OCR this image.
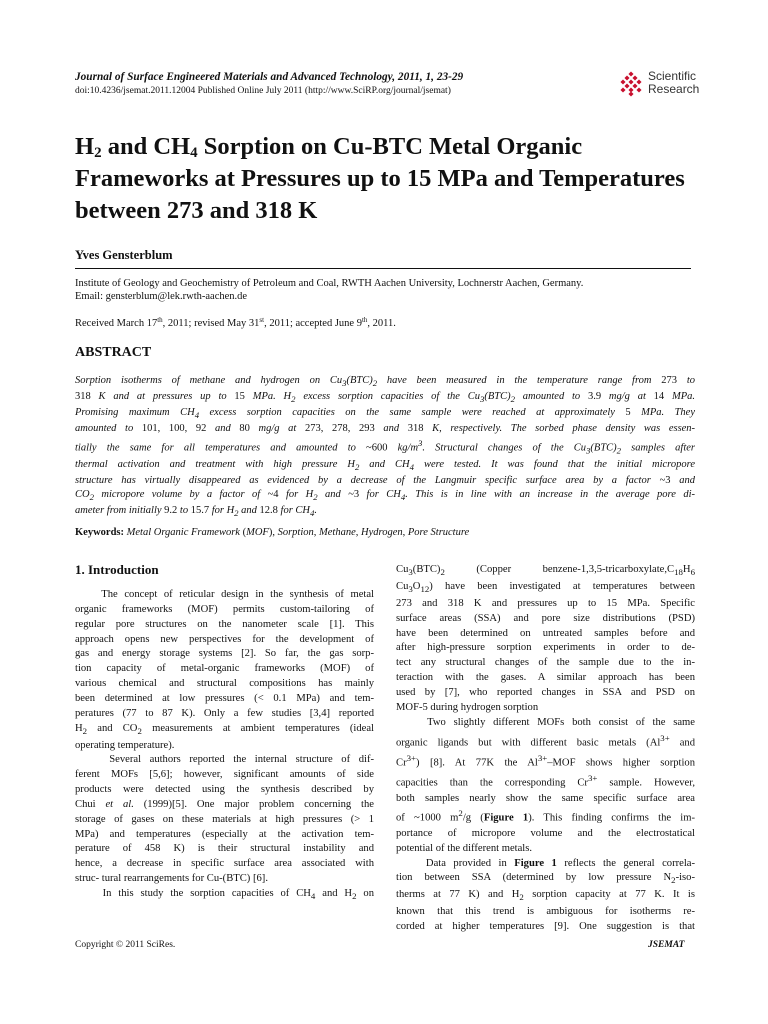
Journal of Surface Engineered Materials and Advanced Technology, 2011, 1, 23-29
doi:10.4236/jsemat.2011.12004 Published Online July 2011 (http://www.SciRP.org/journal/jsemat)
Scientific
Research
$H_2$ and $CH_4$ Sorption on Cu-BTC Metal Organic Frameworks at Pressures up to 15 MPa and Temperatures between 273 and 318 K
Yves Gensterblum
Institute of Geology and Geochemistry of Petroleum and Coal, RWTH Aachen University, Lochnerstr Aachen, Germany.
Email: gensterblum@lek.rwth-aachen.de
Received March 17th, 2011; revised May 31st, 2011; accepted June 9th, 2011.
ABSTRACT
Sorption isotherms of methane and hydrogen on $Cu_3(BTC)_2$ have been measured in the temperature range from 273 to
318 K and at pressures up to 15 MPa. $H_2$ excess sorption capacities of the $Cu_3(BTC)_2$ amounted to 3.9 mg/g at 14 MPa.
Promising maximum $CH_4$ excess sorption capacities on the same sample were reached at approximately 5 MPa. They
amounted to 101, 100, 92 and 80 mg/g at 273, 278, 293 and 318 K, respectively. The sorbed phase density was essen-
tially the same for all temperatures and amounted to ~600 $kg/m^3$. Structural changes of the $Cu_3(BTC)_2$ samples after
thermal activation and treatment with high pressure $H_2$ and $CH_4$ were tested. It was found that the initial micropore
structure has virtually disappeared as evidenced by a decrease of the Langmuir specific surface area by a factor ~3 and
$CO_2$ micropore volume by a factor of ~4 for $H_2$ and ~3 for $CH_4$. This is in line with an increase in the average pore di-
ameter from initially 9.2 to 15.7 for $H_2$ and 12.8 for $CH_4$.
Keywords: Metal Organic Framework (MOF), Sorption, Methane, Hydrogen, Pore Structure
1. Introduction
The concept of reticular design in the synthesis of metal
organic frameworks (MOF) permits custom-tailoring of
regular pore structures on the nanometer scale [1]. This
approach opens new perspectives for the development of
gas and energy storage systems [2]. So far, the gas sorp-
tion capacity of metal-organic frameworks (MOF) of
various chemical and structural compositions has mainly
been determined at low pressures (< 0.1 MPa) and tem-
peratures (77 to 87 K). Only a few studies [3,4] reported
$H_2$ and $CO_2$ measurements at ambient temperatures (ideal
operating temperature).
Several authors reported the internal structure of dif-
ferent MOFs [5,6]; however, significant amounts of side
products were detected using the synthesis described by
Chui et al. (1999)[5]. One major problem concerning the
storage of gases on these materials at high pressures (> 1
MPa) and temperatures (especially at the activation tem-
perature of 458 K) is their structural instability and
hence, a decrease in specific surface area associated with
struc- tural rearrangements for Cu-(BTC) [6].
In this study the sorption capacities of $CH_4$ and $H_2$ on
$Cu_3(BTC)_2$ (Copper benzene-$1,3,5-tricarboxylate,C_{18}H_6$
$Cu_3O_{12}$) have been investigated at temperatures between
273 and 318 K and pressures up to 15 MPa. Specific
surface areas (SSA) and pore size distributions (PSD)
have been determined on untreated samples before and
after high-pressure sorption experiments in order to de-
tect any structural changes of the sample due to the in-
teraction with the gases. A similar approach has been
used by [7], who reported changes in SSA and PSD on
MOF-5 during hydrogen sorption
Two slightly different MOFs both consist of the same
organic ligands but with different basic metals ($Al^{3+}$ and
$Cr^{3+}$) [8]. At 77K the $Al^{3+}$–MOF shows higher sorption
capacities than the corresponding $Cr^{3+}$ sample. However,
both samples nearly show the same specific surface area
of ~1000 $m^2/g$ (Figure 1). This finding confirms the im-
portance of micropore volume and the electrostatical
potential of the different metals.
Data provided in Figure 1 reflects the general correla-
tion between SSA (determined by low pressure $N_2-iso-$
therms at 77 K) and $H_2$ sorption capacity at 77 K. It is
known that this trend is ambiguous for isotherms re-
corded at higher temperatures [9]. One suggestion is that
Copyright © 2011 SciRes.	JSEMAT
